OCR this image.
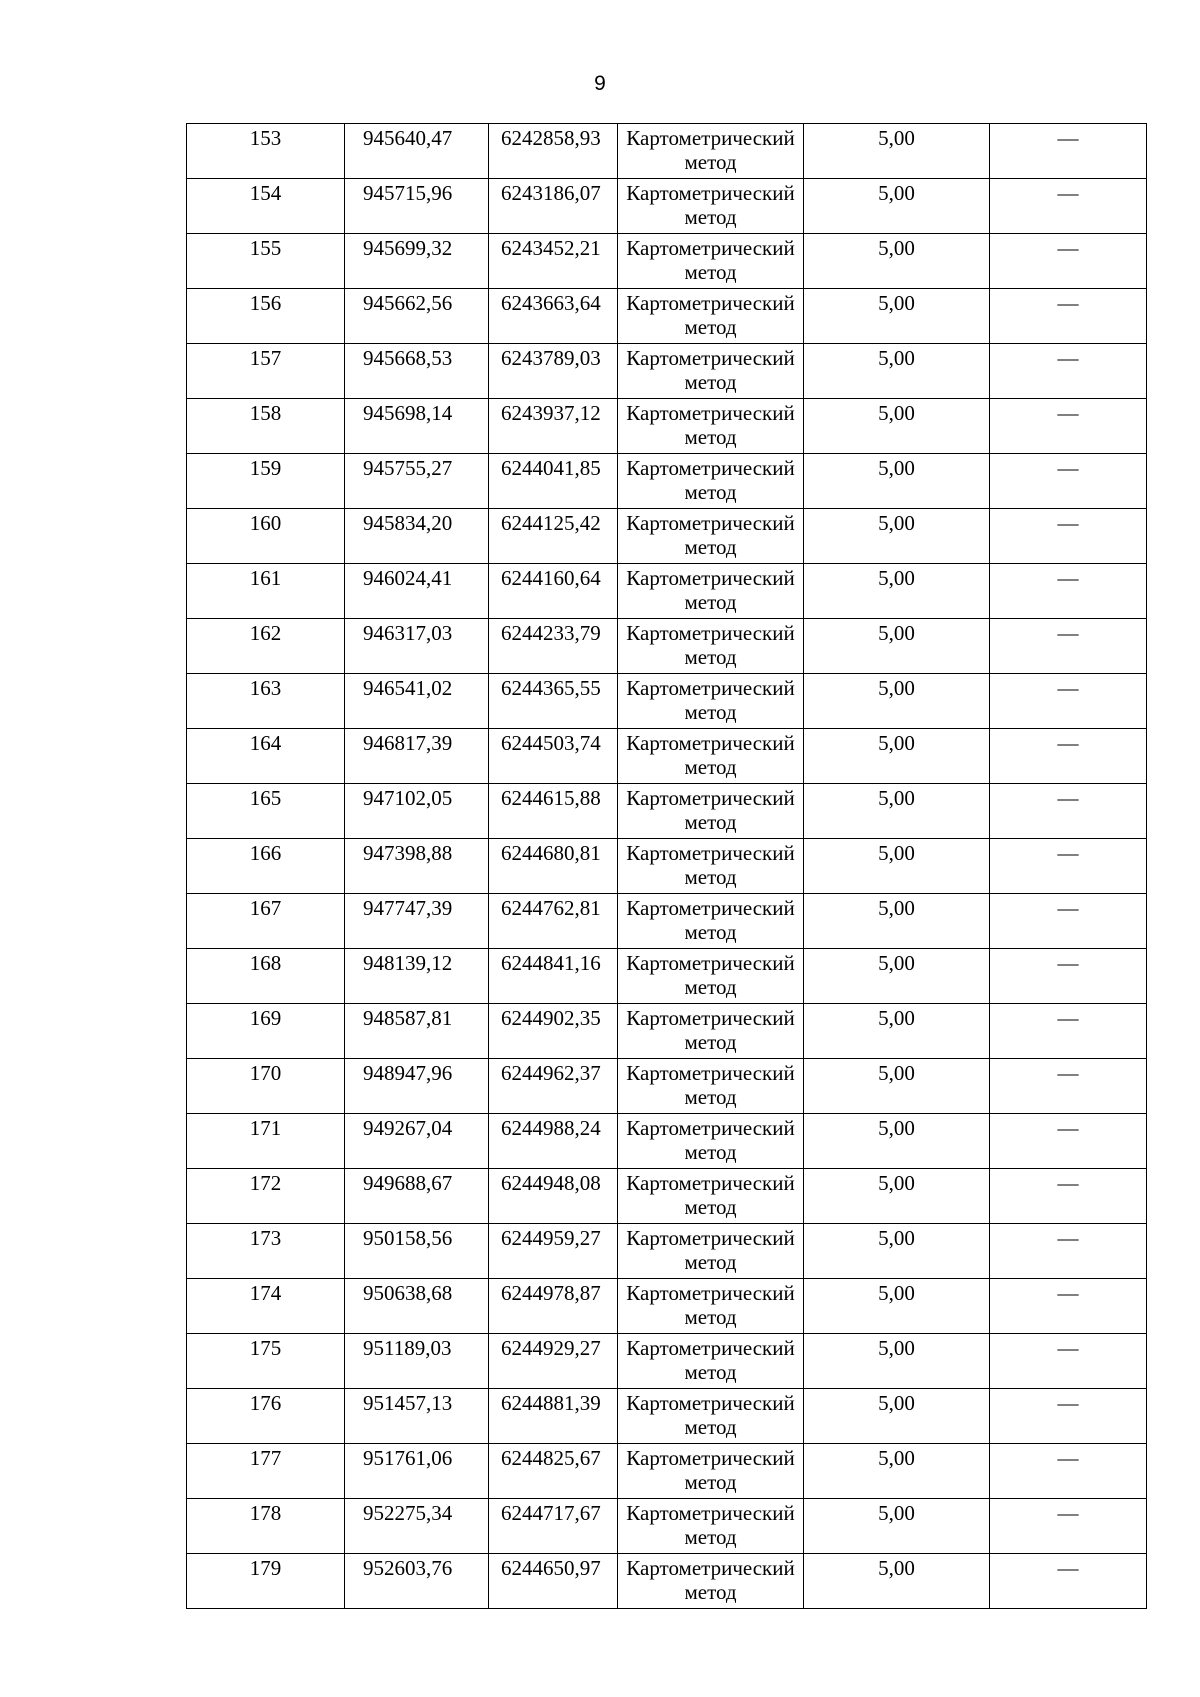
9
153	945640,47	6242858,93	Картометрический
метод	5,00	—
154	945715,96	6243186,07	Картометрический
метод	5,00	—
155	945699,32	6243452,21	Картометрический
метод	5,00	—
156	945662,56	6243663,64	Картометрический
метод	5,00	—
157	945668,53	6243789,03	Картометрический
метод	5,00	—
158	945698,14	6243937,12	Картометрический
метод	5,00	—
159	945755,27	6244041,85	Картометрический
метод	5,00	—
160	945834,20	6244125,42	Картометрический
метод	5,00	—
161	946024,41	6244160,64	Картометрический
метод	5,00	—
162	946317,03	6244233,79	Картометрический
метод	5,00	—
163	946541,02	6244365,55	Картометрический
метод	5,00	—
164	946817,39	6244503,74	Картометрический
метод	5,00	—
165	947102,05	6244615,88	Картометрический
метод	5,00	—
166	947398,88	6244680,81	Картометрический
метод	5,00	—
167	947747,39	6244762,81	Картометрический
метод	5,00	—
168	948139,12	6244841,16	Картометрический
метод	5,00	—
169	948587,81	6244902,35	Картометрический
метод	5,00	—
170	948947,96	6244962,37	Картометрический
метод	5,00	—
171	949267,04	6244988,24	Картометрический
метод	5,00	—
172	949688,67	6244948,08	Картометрический
метод	5,00	—
173	950158,56	6244959,27	Картометрический
метод	5,00	—
174	950638,68	6244978,87	Картометрический
метод	5,00	—
175	951189,03	6244929,27	Картометрический
метод	5,00	—
176	951457,13	6244881,39	Картометрический
метод	5,00	—
177	951761,06	6244825,67	Картометрический
метод	5,00	—
178	952275,34	6244717,67	Картометрический
метод	5,00	—
179	952603,76	6244650,97	Картометрический
метод	5,00	—
